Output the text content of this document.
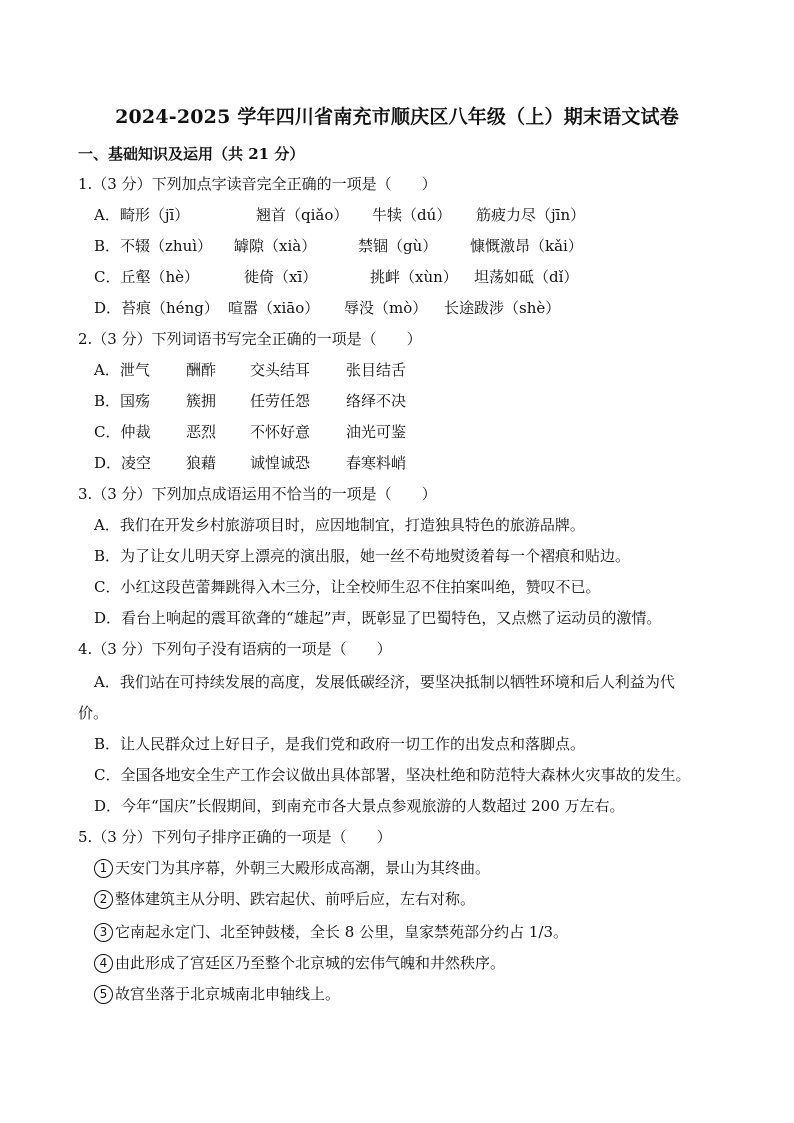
2024-2025 学年四川省南充市顺庆区八年级（上）期末语文试卷
一、基础知识及运用（共 21 分）
1.（3 分）下列加点字读音完全正确的一项是（　　）
A．畸形（jī）	翘首（qiǎo） 牛犊（dú） 筋疲力尽（jīn）
B．不辍（zhuì） 罅隙（xià）	禁锢（gù） 慷慨激昂（kǎi）
C．丘壑（hè）	徙倚（xī）	挑衅（xùn） 坦荡如砥（dǐ）
D．苔痕（héng） 喧嚣（xiāo） 辱没（mò） 长途跋涉（shè）
2.（3 分）下列词语书写完全正确的一项是（　　）
A．泄气 酬酢 交头结耳 张目结舌
B．国殇 簇拥 任劳任怨 络绎不决
C．仲裁 恶烈 不怀好意 油光可鉴
D．凌空 狼藉 诚惶诚恐 春寒料峭
3.（3 分）下列加点成语运用不恰当的一项是（　　）
A．我们在开发乡村旅游项目时，应因地制宜，打造独具特色的旅游品牌。
B．为了让女儿明天穿上漂亮的演出服，她一丝不苟地熨烫着每一个褶痕和贴边。
C．小红这段芭蕾舞跳得入木三分，让全校师生忍不住拍案叫绝，赞叹不已。
D．看台上响起的震耳欲聋的“雄起”声，既彰显了巴蜀特色，又点燃了运动员的激情。
4.（3 分）下列句子没有语病的一项是（　　）
A．我们站在可持续发展的高度，发展低碳经济，要坚决抵制以牺牲环境和后人利益为代
价。
B．让人民群众过上好日子，是我们党和政府一切工作的出发点和落脚点。
C．全国各地安全生产工作会议做出具体部署，坚决杜绝和防范特大森林火灾事故的发生。
D．今年“国庆”长假期间，到南充市各大景点参观旅游的人数超过 200 万左右。
5.（3 分）下列句子排序正确的一项是（　　）
1 天安门为其序幕，外朝三大殿形成高潮，景山为其终曲。
2 整体建筑主从分明、跌宕起伏、前呼后应，左右对称。
3 它南起永定门、北至钟鼓楼，全长 8 公里，皇家禁苑部分约占 1/3。
4 由此形成了宫廷区乃至整个北京城的宏伟气魄和井然秩序。
5 故宫坐落于北京城南北申轴线上。
